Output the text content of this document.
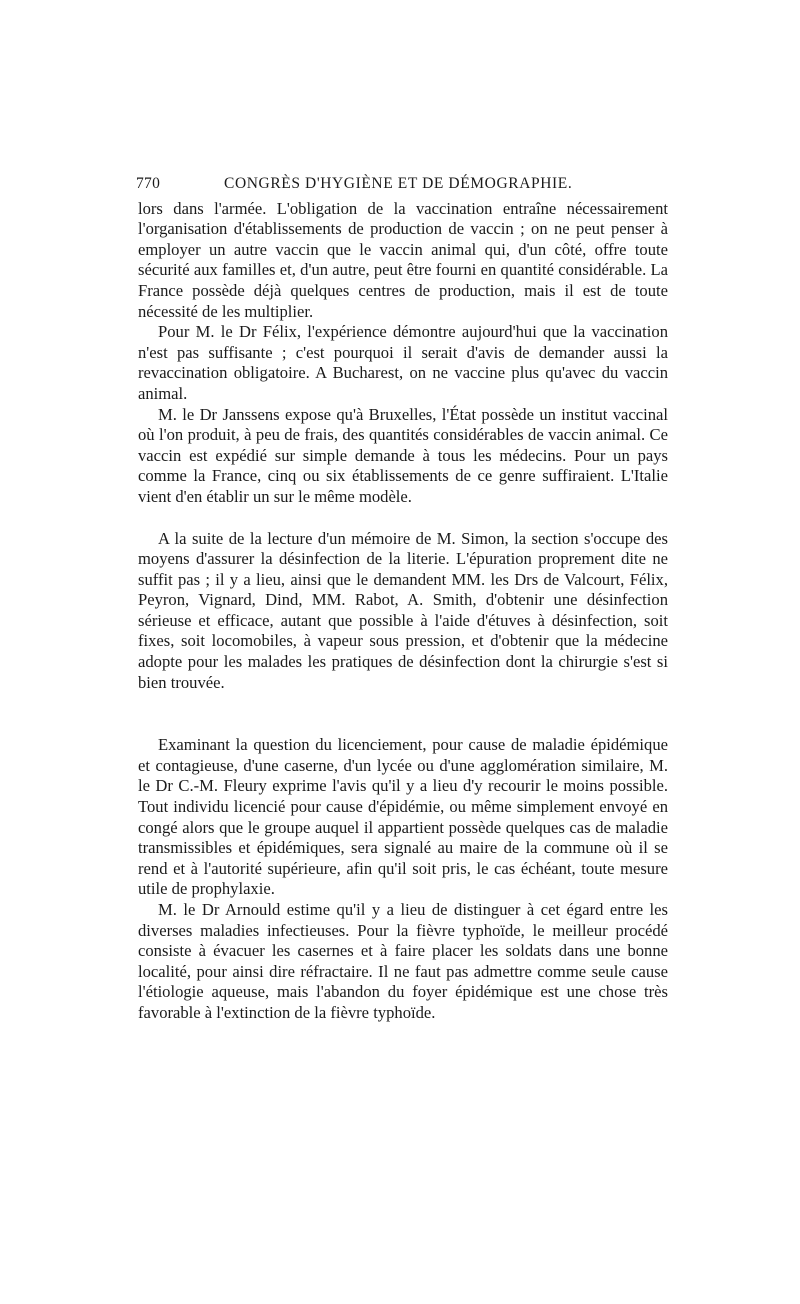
770	CONGRÈS D'HYGIÈNE ET DE DÉMOGRAPHIE.

lors dans l'armée. L'obligation de la vaccination entraîne nécessairement l'organisation d'établissements de production de vaccin ; on ne peut penser à employer un autre vaccin que le vaccin animal qui, d'un côté, offre toute sécurité aux familles et, d'un autre, peut être fourni en quantité considérable. La France possède déjà quelques centres de production, mais il est de toute nécessité de les multiplier.

Pour M. le Dr Félix, l'expérience démontre aujourd'hui que la vaccination n'est pas suffisante ; c'est pourquoi il serait d'avis de demander aussi la revaccination obligatoire. A Bucharest, on ne vaccine plus qu'avec du vaccin animal.

M. le Dr Janssens expose qu'à Bruxelles, l'État possède un institut vaccinal où l'on produit, à peu de frais, des quantités considérables de vaccin animal. Ce vaccin est expédié sur simple demande à tous les médecins. Pour un pays comme la France, cinq ou six établissements de ce genre suffiraient. L'Italie vient d'en établir un sur le même modèle.

A la suite de la lecture d'un mémoire de M. Simon, la section s'occupe des moyens d'assurer la désinfection de la literie. L'épuration proprement dite ne suffit pas ; il y a lieu, ainsi que le demandent MM. les Drs de Valcourt, Félix, Peyron, Vignard, Dind, MM. Rabot, A. Smith, d'obtenir une désinfection sérieuse et efficace, autant que possible à l'aide d'étuves à désinfection, soit fixes, soit locomobiles, à vapeur sous pression, et d'obtenir que la médecine adopte pour les malades les pratiques de désinfection dont la chirurgie s'est si bien trouvée.

Examinant la question du licenciement, pour cause de maladie épidémique et contagieuse, d'une caserne, d'un lycée ou d'une agglomération similaire, M. le Dr C.-M. Fleury exprime l'avis qu'il y a lieu d'y recourir le moins possible. Tout individu licencié pour cause d'épidémie, ou même simplement envoyé en congé alors que le groupe auquel il appartient possède quelques cas de maladie transmissibles et épidémiques, sera signalé au maire de la commune où il se rend et à l'autorité supérieure, afin qu'il soit pris, le cas échéant, toute mesure utile de prophylaxie.

M. le Dr Arnould estime qu'il y a lieu de distinguer à cet égard entre les diverses maladies infectieuses. Pour la fièvre typhoïde, le meilleur procédé consiste à évacuer les casernes et à faire placer les soldats dans une bonne localité, pour ainsi dire réfractaire. Il ne faut pas admettre comme seule cause l'étiologie aqueuse, mais l'abandon du foyer épidémique est une chose très favorable à l'extinction de la fièvre typhoïde.
